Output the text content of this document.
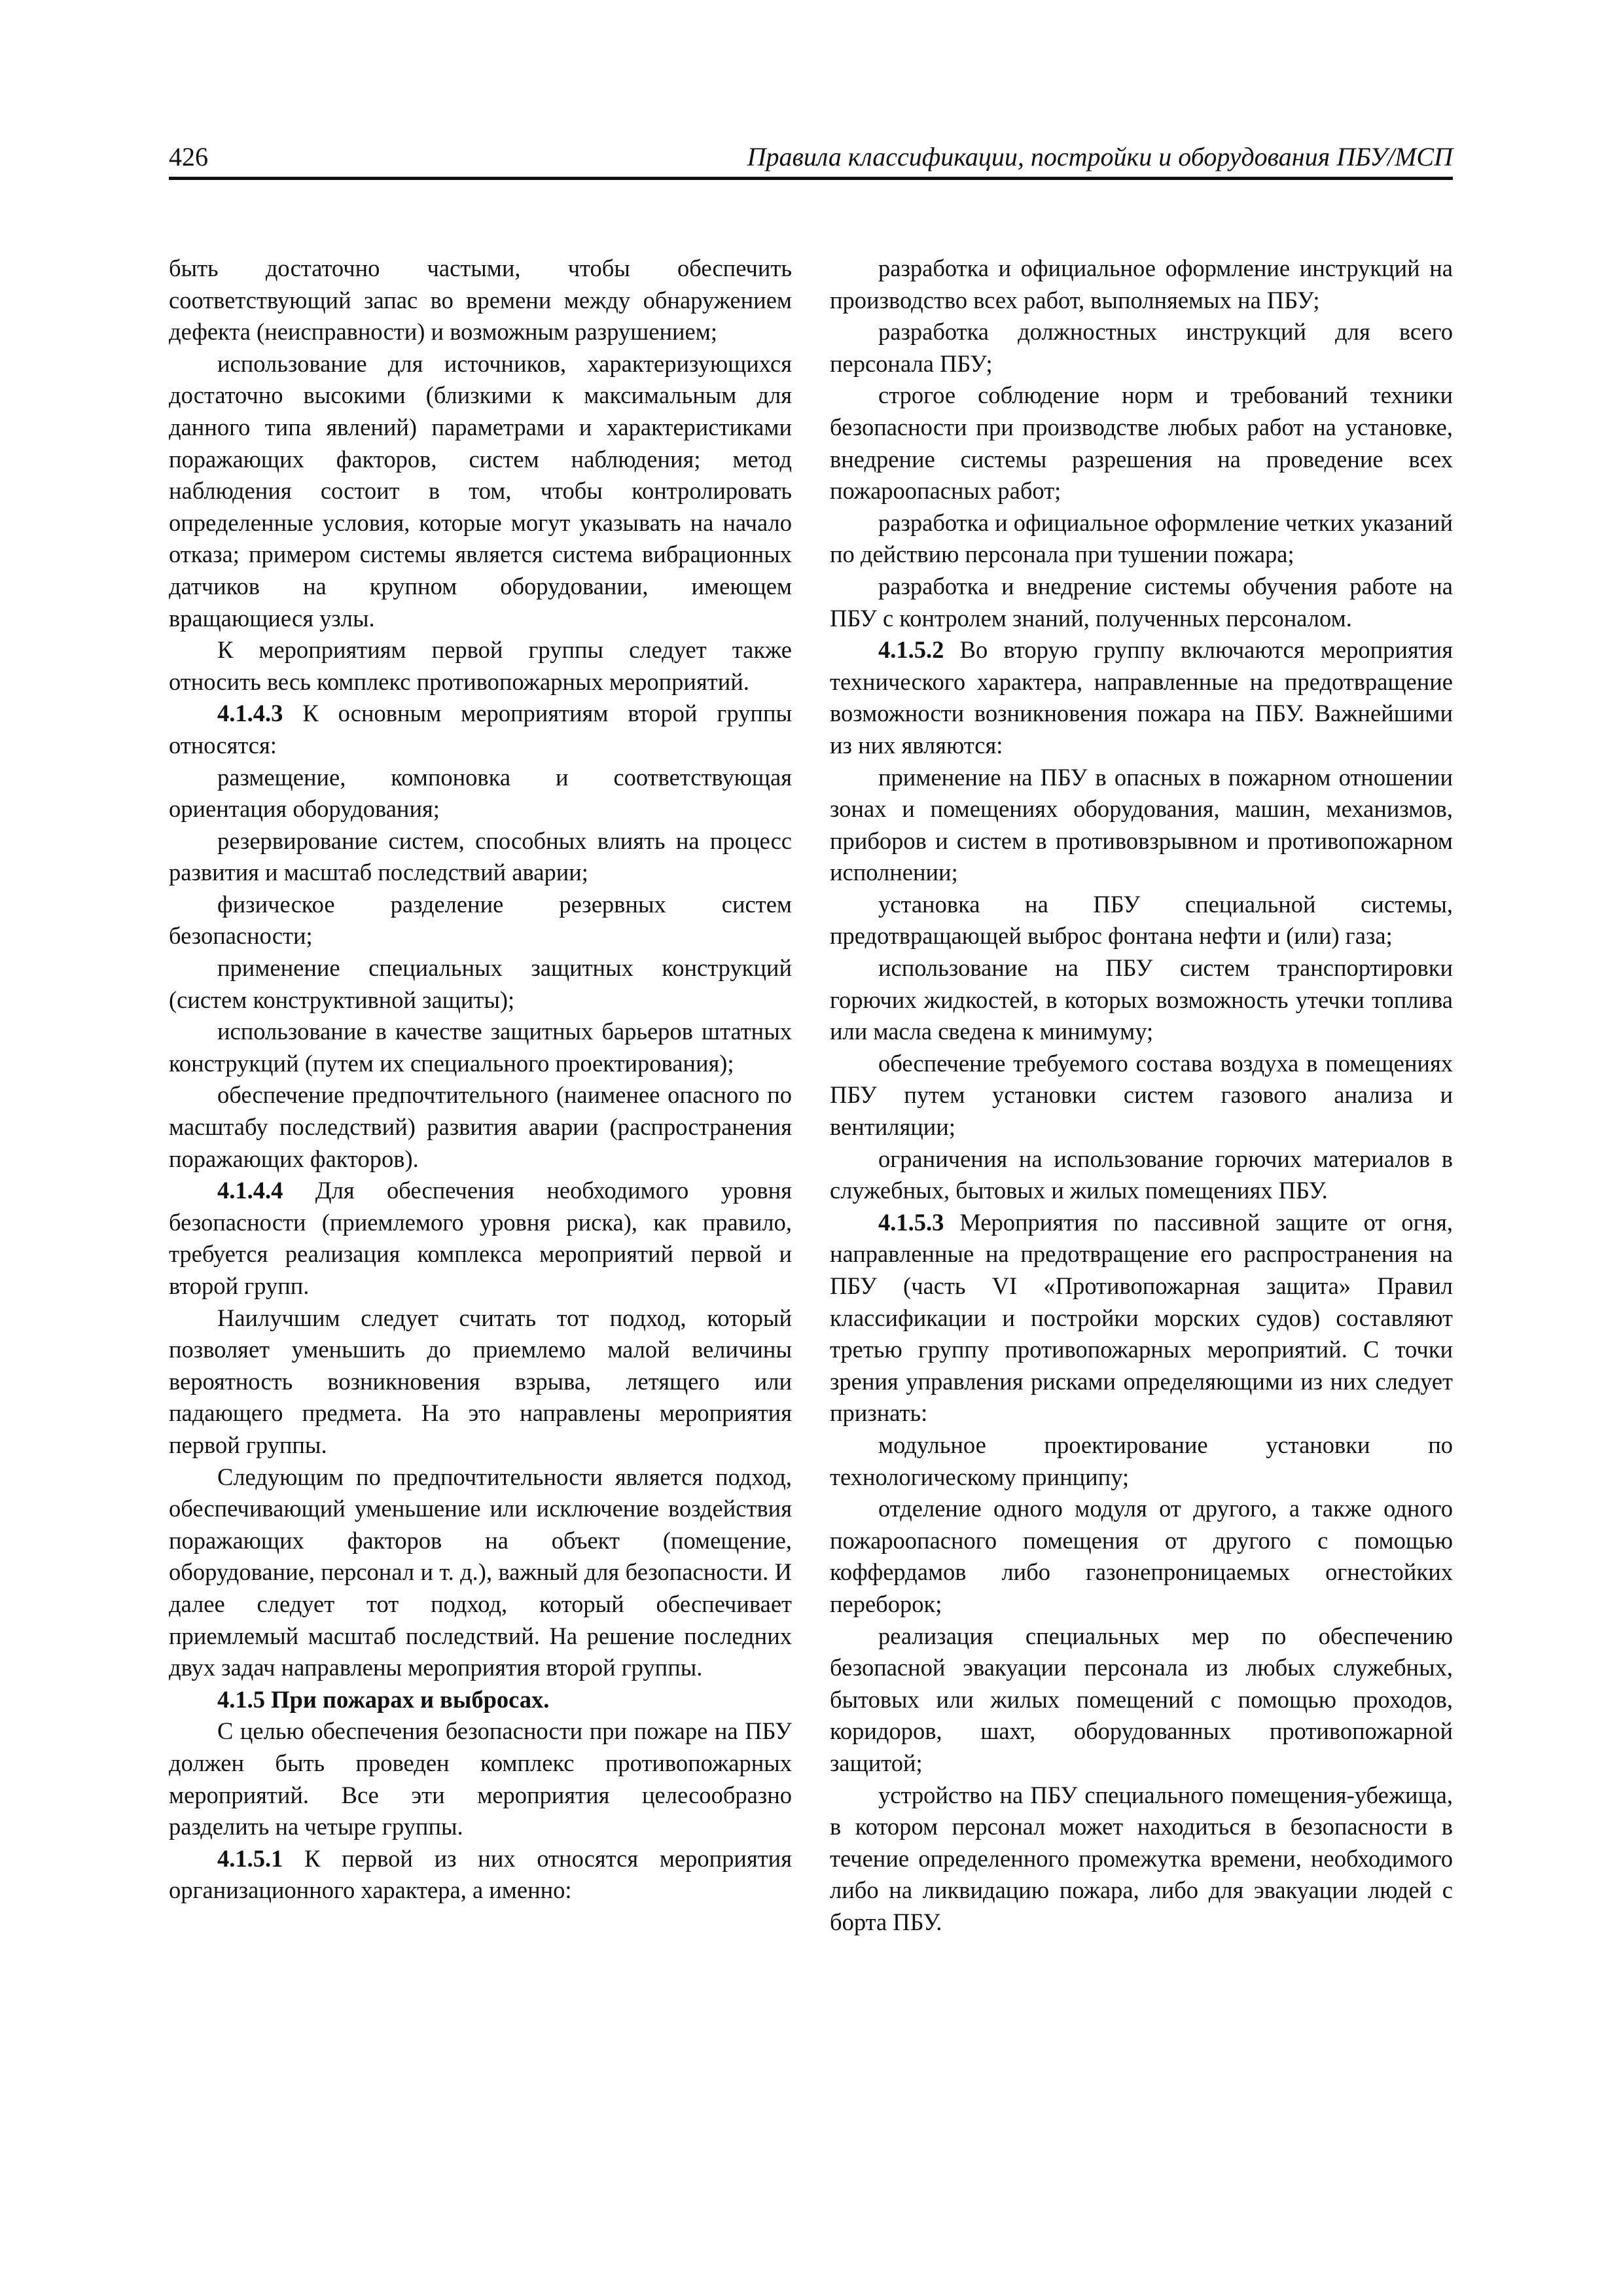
426	Правила классификации, постройки и оборудования ПБУ/МСП

быть достаточно частыми, чтобы обеспечить соответствующий запас во времени между обнаружением дефекта (неисправности) и возможным разрушением;

использование для источников, характеризующихся достаточно высокими (близкими к максимальным для данного типа явлений) параметрами и характеристиками поражающих факторов, систем наблюдения; метод наблюдения состоит в том, чтобы контролировать определенные условия, которые могут указывать на начало отказа; примером системы является система вибрационных датчиков на крупном оборудовании, имеющем вращающиеся узлы.

К мероприятиям первой группы следует также относить весь комплекс противопожарных мероприятий.

4.1.4.3 К основным мероприятиям второй группы относятся:

размещение, компоновка и соответствующая ориентация оборудования;

резервирование систем, способных влиять на процесс развития и масштаб последствий аварии;

физическое разделение резервных систем безопасности;

применение специальных защитных конструкций (систем конструктивной защиты);

использование в качестве защитных барьеров штатных конструкций (путем их специального проектирования);

обеспечение предпочтительного (наименее опасного по масштабу последствий) развития аварии (распространения поражающих факторов).

4.1.4.4 Для обеспечения необходимого уровня безопасности (приемлемого уровня риска), как правило, требуется реализация комплекса мероприятий первой и второй групп.

Наилучшим следует считать тот подход, который позволяет уменьшить до приемлемо малой величины вероятность возникновения взрыва, летящего или падающего предмета. На это направлены мероприятия первой группы.

Следующим по предпочтительности является подход, обеспечивающий уменьшение или исключение воздействия поражающих факторов на объект (помещение, оборудование, персонал и т. д.), важный для безопасности. И далее следует тот подход, который обеспечивает приемлемый масштаб последствий. На решение последних двух задач направлены мероприятия второй группы.

4.1.5 При пожарах и выбросах.

С целью обеспечения безопасности при пожаре на ПБУ должен быть проведен комплекс противопожарных мероприятий. Все эти мероприятия целесообразно разделить на четыре группы.

4.1.5.1 К первой из них относятся мероприятия организационного характера, а именно:

разработка и официальное оформление инструкций на производство всех работ, выполняемых на ПБУ;

разработка должностных инструкций для всего персонала ПБУ;

строгое соблюдение норм и требований техники безопасности при производстве любых работ на установке, внедрение системы разрешения на проведение всех пожароопасных работ;

разработка и официальное оформление четких указаний по действию персонала при тушении пожара;

разработка и внедрение системы обучения работе на ПБУ с контролем знаний, полученных персоналом.

4.1.5.2 Во вторую группу включаются мероприятия технического характера, направленные на предотвращение возможности возникновения пожара на ПБУ. Важнейшими из них являются:

применение на ПБУ в опасных в пожарном отношении зонах и помещениях оборудования, машин, механизмов, приборов и систем в противовзрывном и противопожарном исполнении;

установка на ПБУ специальной системы, предотвращающей выброс фонтана нефти и (или) газа;

использование на ПБУ систем транспортировки горючих жидкостей, в которых возможность утечки топлива или масла сведена к минимуму;

обеспечение требуемого состава воздуха в помещениях ПБУ путем установки систем газового анализа и вентиляции;

ограничения на использование горючих материалов в служебных, бытовых и жилых помещениях ПБУ.

4.1.5.3 Мероприятия по пассивной защите от огня, направленные на предотвращение его распространения на ПБУ (часть VI «Противопожарная защита» Правил классификации и постройки морских судов) составляют третью группу противопожарных мероприятий. С точки зрения управления рисками определяющими из них следует признать:

модульное проектирование установки по технологическому принципу;

отделение одного модуля от другого, а также одного пожароопасного помещения от другого с помощью коффердамов либо газонепроницаемых огнестойких переборок;

реализация специальных мер по обеспечению безопасной эвакуации персонала из любых служебных, бытовых или жилых помещений с помощью проходов, коридоров, шахт, оборудованных противопожарной защитой;

устройство на ПБУ специального помещения-убежища, в котором персонал может находиться в безопасности в течение определенного промежутка времени, необходимого либо на ликвидацию пожара, либо для эвакуации людей с борта ПБУ.
